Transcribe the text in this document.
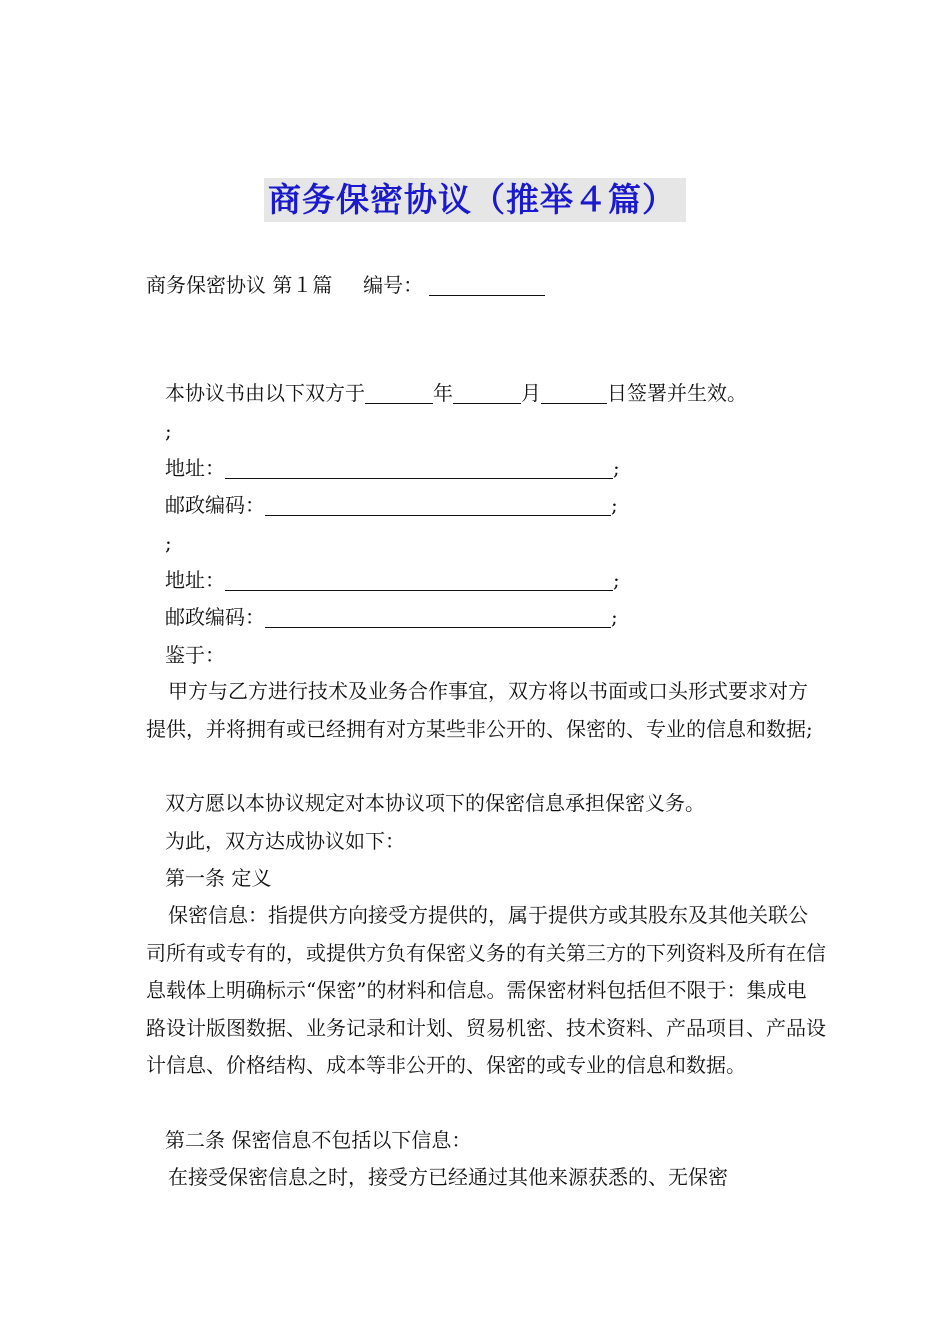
商务保密协议（推举４篇）
商务保密协议 第１篇 编号：
本协议书由以下双方于	年	月	日签署并生效。
;
地址：	;
邮政编码：	;
;
地址：	;
邮政编码：	;
鉴于：
甲方与乙方进行技术及业务合作事宜，双方将以书面或口头形式要求对方提供，并将拥有或已经拥有对方某些非公开的、保密的、专业的信息和数据;
双方愿以本协议规定对本协议项下的保密信息承担保密义务。
为此，双方达成协议如下：
第一条 定义
保密信息：指提供方向接受方提供的，属于提供方或其股东及其他关联公司所有或专有的，或提供方负有保密义务的有关第三方的下列资料及所有在信息载体上明确标示“保密”的材料和信息。需保密材料包括但不限于：集成电路设计版图数据、业务记录和计划、贸易机密、技术资料、产品项目、产品设计信息、价格结构、成本等非公开的、保密的或专业的信息和数据。
第二条 保密信息不包括以下信息：
在接受保密信息之时，接受方已经通过其他来源获悉的、无保密
